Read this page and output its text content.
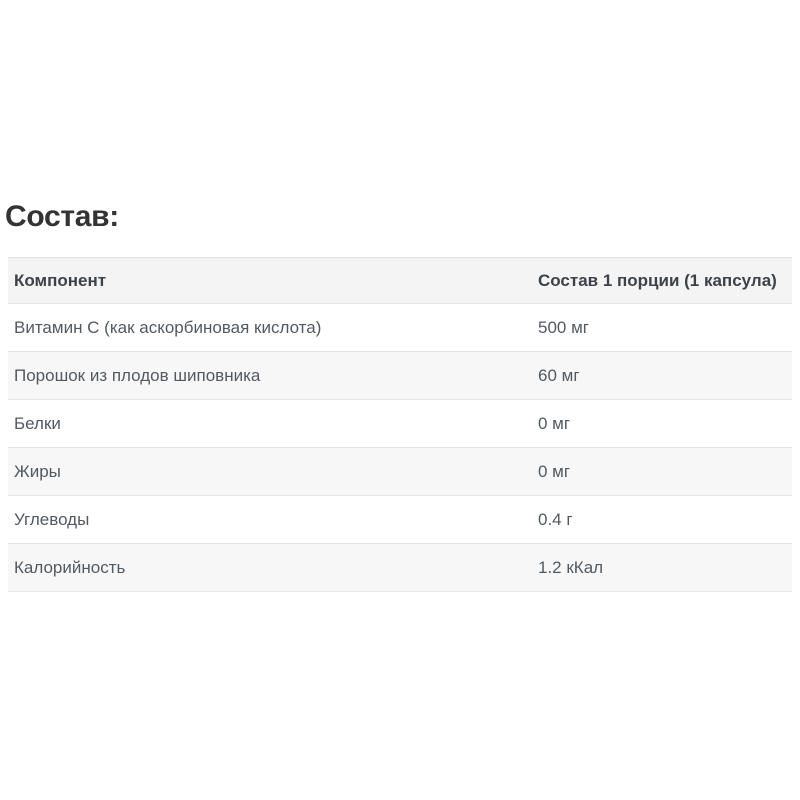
Состав:
Компонент	Состав 1 порции (1 капсула)
Витамин C (как аскорбиновая кислота)	500 мг
Порошок из плодов шиповника	60 мг
Белки	0 мг
Жиры	0 мг
Углеводы	0.4 г
Калорийность	1.2 кКал
